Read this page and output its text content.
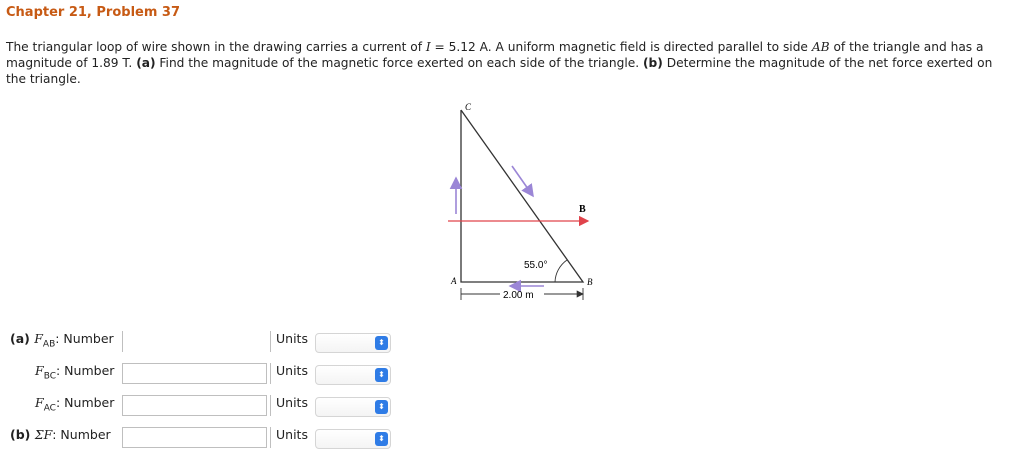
Chapter 21, Problem 37
The triangular loop of wire shown in the drawing carries a current of I = 5.12 A. A uniform magnetic field is directed parallel to side AB of the triangle and has a magnitude of 1.89 T. (a) Find the magnitude of the magnetic force exerted on each side of the triangle. (b) Determine the magnitude of the net force exerted on the triangle.
C
A	B
B⃗
55.0°
2.00 m
(a) $F_{AB}$: Number	Units	⬍
$F_{BC}$: Number	Units	⬍
$F_{AC}$: Number	Units	⬍
(b) ΣF: Number	Units	⬍
